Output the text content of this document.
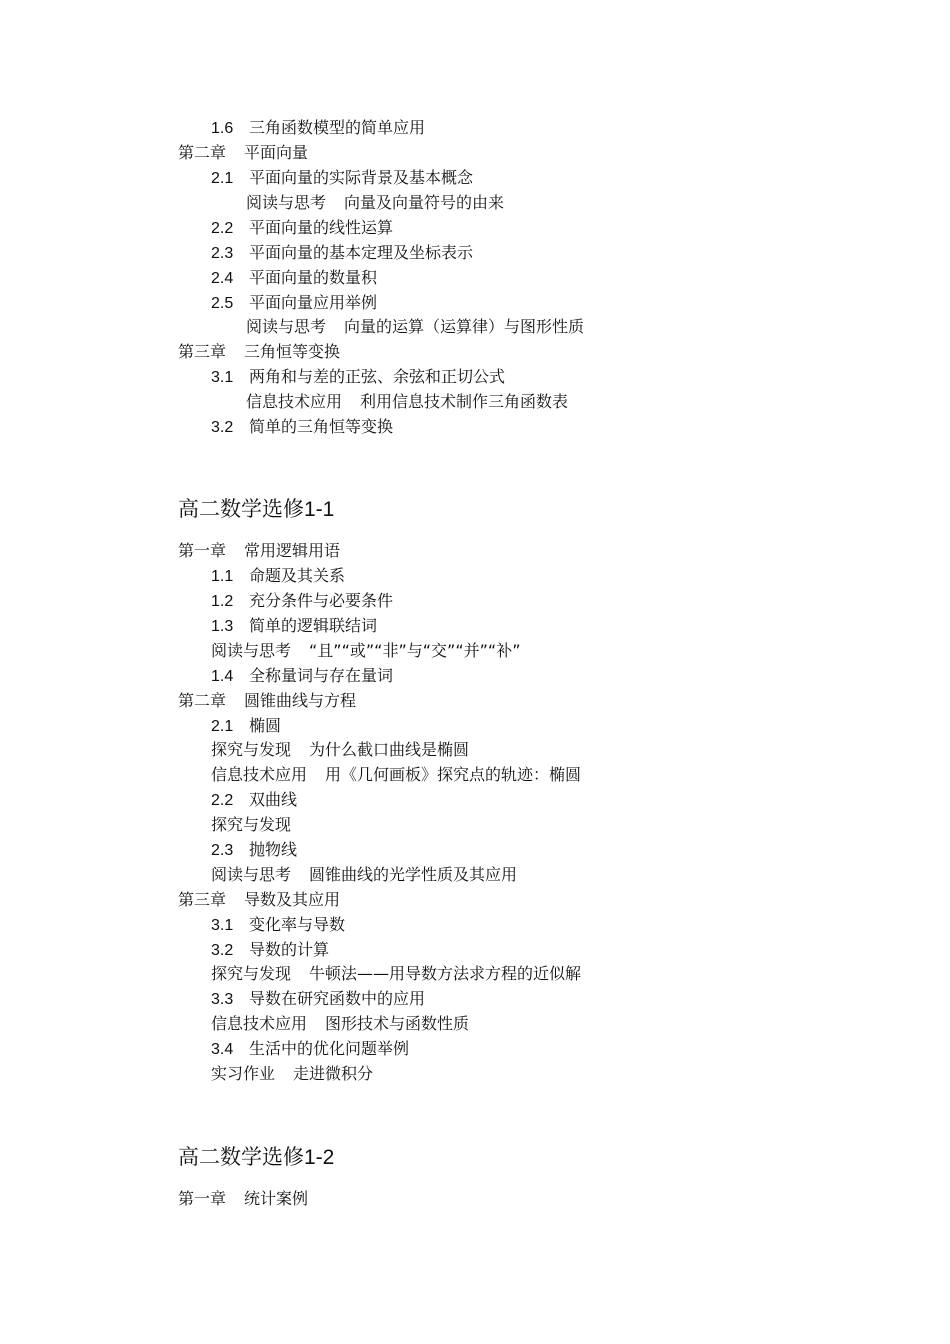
1.6 三角函数模型的简单应用
第二章 平面向量
2.1 平面向量的实际背景及基本概念
阅读与思考 向量及向量符号的由来
2.2 平面向量的线性运算
2.3 平面向量的基本定理及坐标表示
2.4 平面向量的数量积
2.5 平面向量应用举例
阅读与思考 向量的运算（运算律）与图形性质
第三章 三角恒等变换
3.1 两角和与差的正弦、余弦和正切公式
信息技术应用 利用信息技术制作三角函数表
3.2 简单的三角恒等变换
高二数学选修1-1
第一章 常用逻辑用语
1.1 命题及其关系
1.2 充分条件与必要条件
1.3 简单的逻辑联结词
阅读与思考 “且”“或”“非”与“交”“并”“补”
1.4 全称量词与存在量词
第二章 圆锥曲线与方程
2.1 椭圆
探究与发现 为什么截口曲线是椭圆
信息技术应用 用《几何画板》探究点的轨迹：椭圆
2.2 双曲线
探究与发现
2.3 抛物线
阅读与思考 圆锥曲线的光学性质及其应用
第三章 导数及其应用
3.1 变化率与导数
3.2 导数的计算
探究与发现 牛顿法——用导数方法求方程的近似解
3.3 导数在研究函数中的应用
信息技术应用 图形技术与函数性质
3.4 生活中的优化问题举例
实习作业 走进微积分
高二数学选修1-2
第一章 统计案例
